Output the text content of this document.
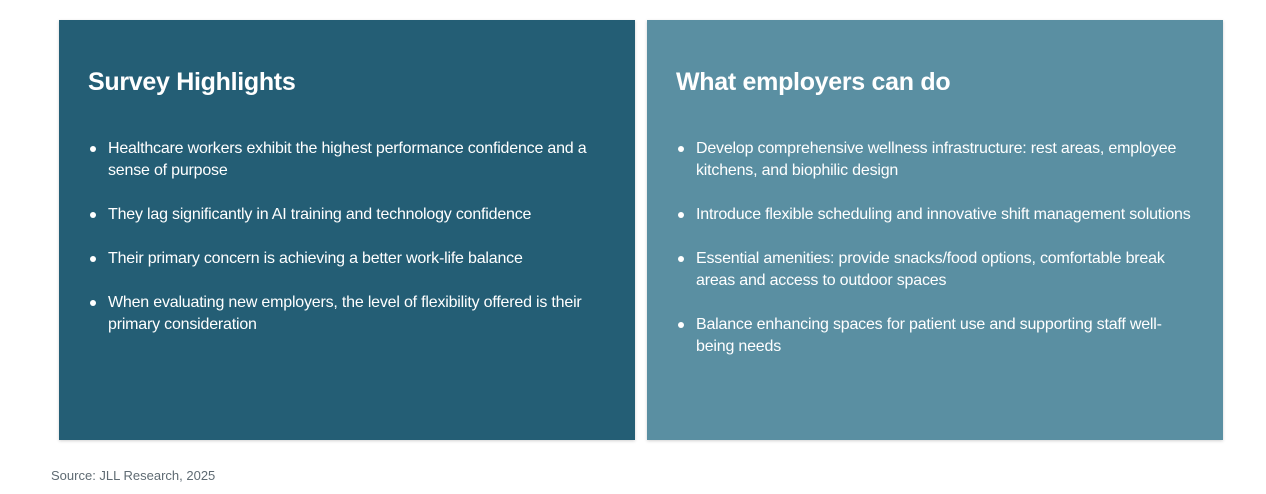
Survey Highlights
Healthcare workers exhibit the highest performance confidence and a sense of purpose
They lag significantly in AI training and technology confidence
Their primary concern is achieving a better work-life balance
When evaluating new employers, the level of flexibility offered is their primary consideration
What employers can do
Develop comprehensive wellness infrastructure: rest areas, employee kitchens, and biophilic design
Introduce flexible scheduling and innovative shift management solutions
Essential amenities: provide snacks/food options, comfortable break areas and access to outdoor spaces
Balance enhancing spaces for patient use and supporting staff well-being needs
Source: JLL Research, 2025
